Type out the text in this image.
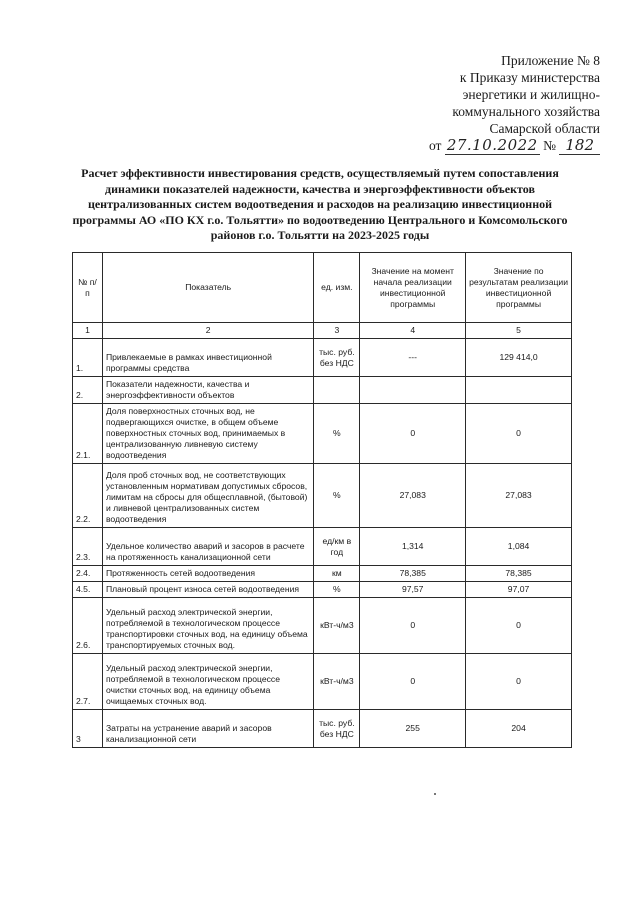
Приложение № 8
к Приказу министерства
энергетики и жилищно-
коммунального хозяйства
Самарской области
от 27.10.2022 № 182
Расчет эффективности инвестирования средств, осуществляемый путем сопоставления динамики показателей надежности, качества и энергоэффективности объектов централизованных систем водоотведения и расходов на реализацию инвестиционной программы АО «ПО КХ г.о. Тольятти» по водоотведению Центрального и Комсомольского районов г.о. Тольятти на 2023-2025 годы
№ п/п	Показатель	ед. изм.	Значение на момент начала реализации инвестиционной программы	Значение по результатам реализации инвестиционной программы
1	2	3	4	5
1.	Привлекаемые в рамках инвестиционной программы средства	тыс. руб. без НДС	---	129 414,0
2.	Показатели надежности, качества и энергоэффективности объектов			
2.1.	Доля поверхностных сточных вод, не подвергающихся очистке, в общем объеме поверхностных сточных вод, принимаемых в централизованную ливневую систему водоотведения	%	0	0
2.2.	Доля проб сточных вод, не соответствующих установленным нормативам допустимых сбросов, лимитам на сбросы для общесплавной, (бытовой) и ливневой централизованных систем водоотведения	%	27,083	27,083
2.3.	Удельное количество аварий и засоров в расчете на протяженность канализационной сети	ед/км в год	1,314	1,084
2.4.	Протяженность сетей водоотведения	км	78,385	78,385
4.5.	Плановый процент износа сетей водоотведения	%	97,57	97,07
2.6.	Удельный расход электрической энергии, потребляемой в технологическом процессе транспортировки сточных вод, на единицу объема транспортируемых сточных вод.	кВт-ч/м3	0	0
2.7.	Удельный расход электрической энергии, потребляемой в технологическом процессе очистки сточных вод, на единицу объема очищаемых сточных вод.	кВт-ч/м3	0	0
3	Затраты на устранение аварий и засоров канализационной сети	тыс. руб. без НДС	255	204
